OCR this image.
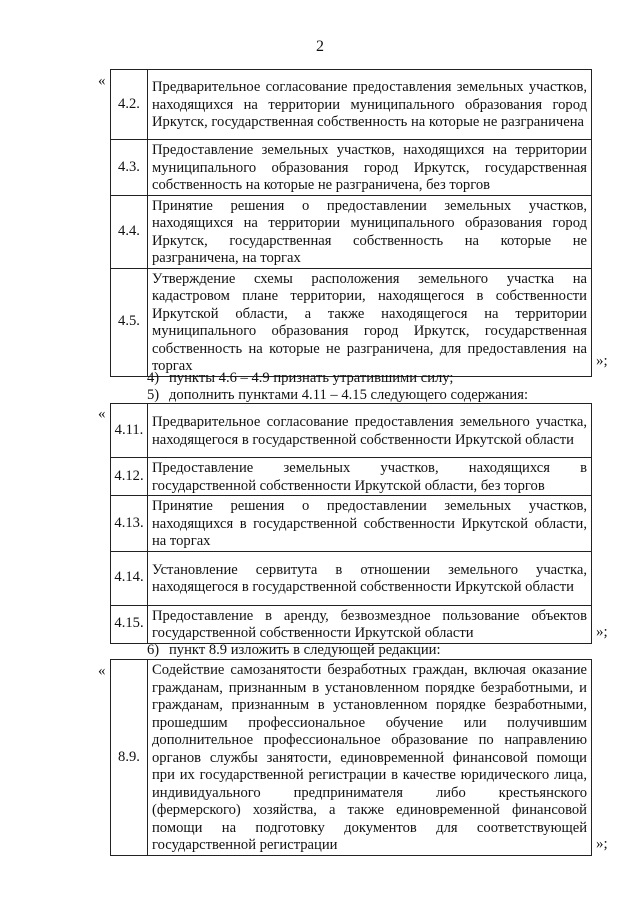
2
«
4.2.	Предварительное согласование предоставления земельных участков, находящихся на территории муниципального образования город Иркутск, государственная собственность на которые не разграничена
4.3.	Предоставление земельных участков, находящихся на территории муниципального образования город Иркутск, государственная собственность на которые не разграничена, без торгов
4.4.	Принятие решения о предоставлении земельных участков, находящихся на территории муниципального образования город Иркутск, государственная собственность на которые не разграничена, на торгах
4.5.	Утверждение схемы расположения земельного участка на кадастровом плане территории, находящегося в собственности Иркутской области, а также находящегося на территории муниципального образования город Иркутск, государственная собственность на которые не разграничена, для предоставления на торгах	»;
4) пункты 4.6 – 4.9 признать утратившими силу;
5) дополнить пунктами 4.11 – 4.15 следующего содержания:
«
4.11.	Предварительное согласование предоставления земельного участка, находящегося в государственной собственности Иркутской области
4.12.	Предоставление земельных участков, находящихся в государственной собственности Иркутской области, без торгов
4.13.	Принятие решения о предоставлении земельных участков, находящихся в государственной собственности Иркутской области, на торгах
4.14.	Установление сервитута в отношении земельного участка, находящегося в государственной собственности Иркутской области
4.15.	Предоставление в аренду, безвозмездное пользование объектов государственной собственности Иркутской области	»;
6) пункт 8.9 изложить в следующей редакции:
«
8.9.	Содействие самозанятости безработных граждан, включая оказание гражданам, признанным в установленном порядке безработными, и гражданам, признанным в установленном порядке безработными, прошедшим профессиональное обучение или получившим дополнительное профессиональное образование по направлению органов службы занятости, единовременной финансовой помощи при их государственной регистрации в качестве юридического лица, индивидуального предпринимателя либо крестьянского (фермерского) хозяйства, а также единовременной финансовой помощи на подготовку документов для соответствующей государственной регистрации	»;
